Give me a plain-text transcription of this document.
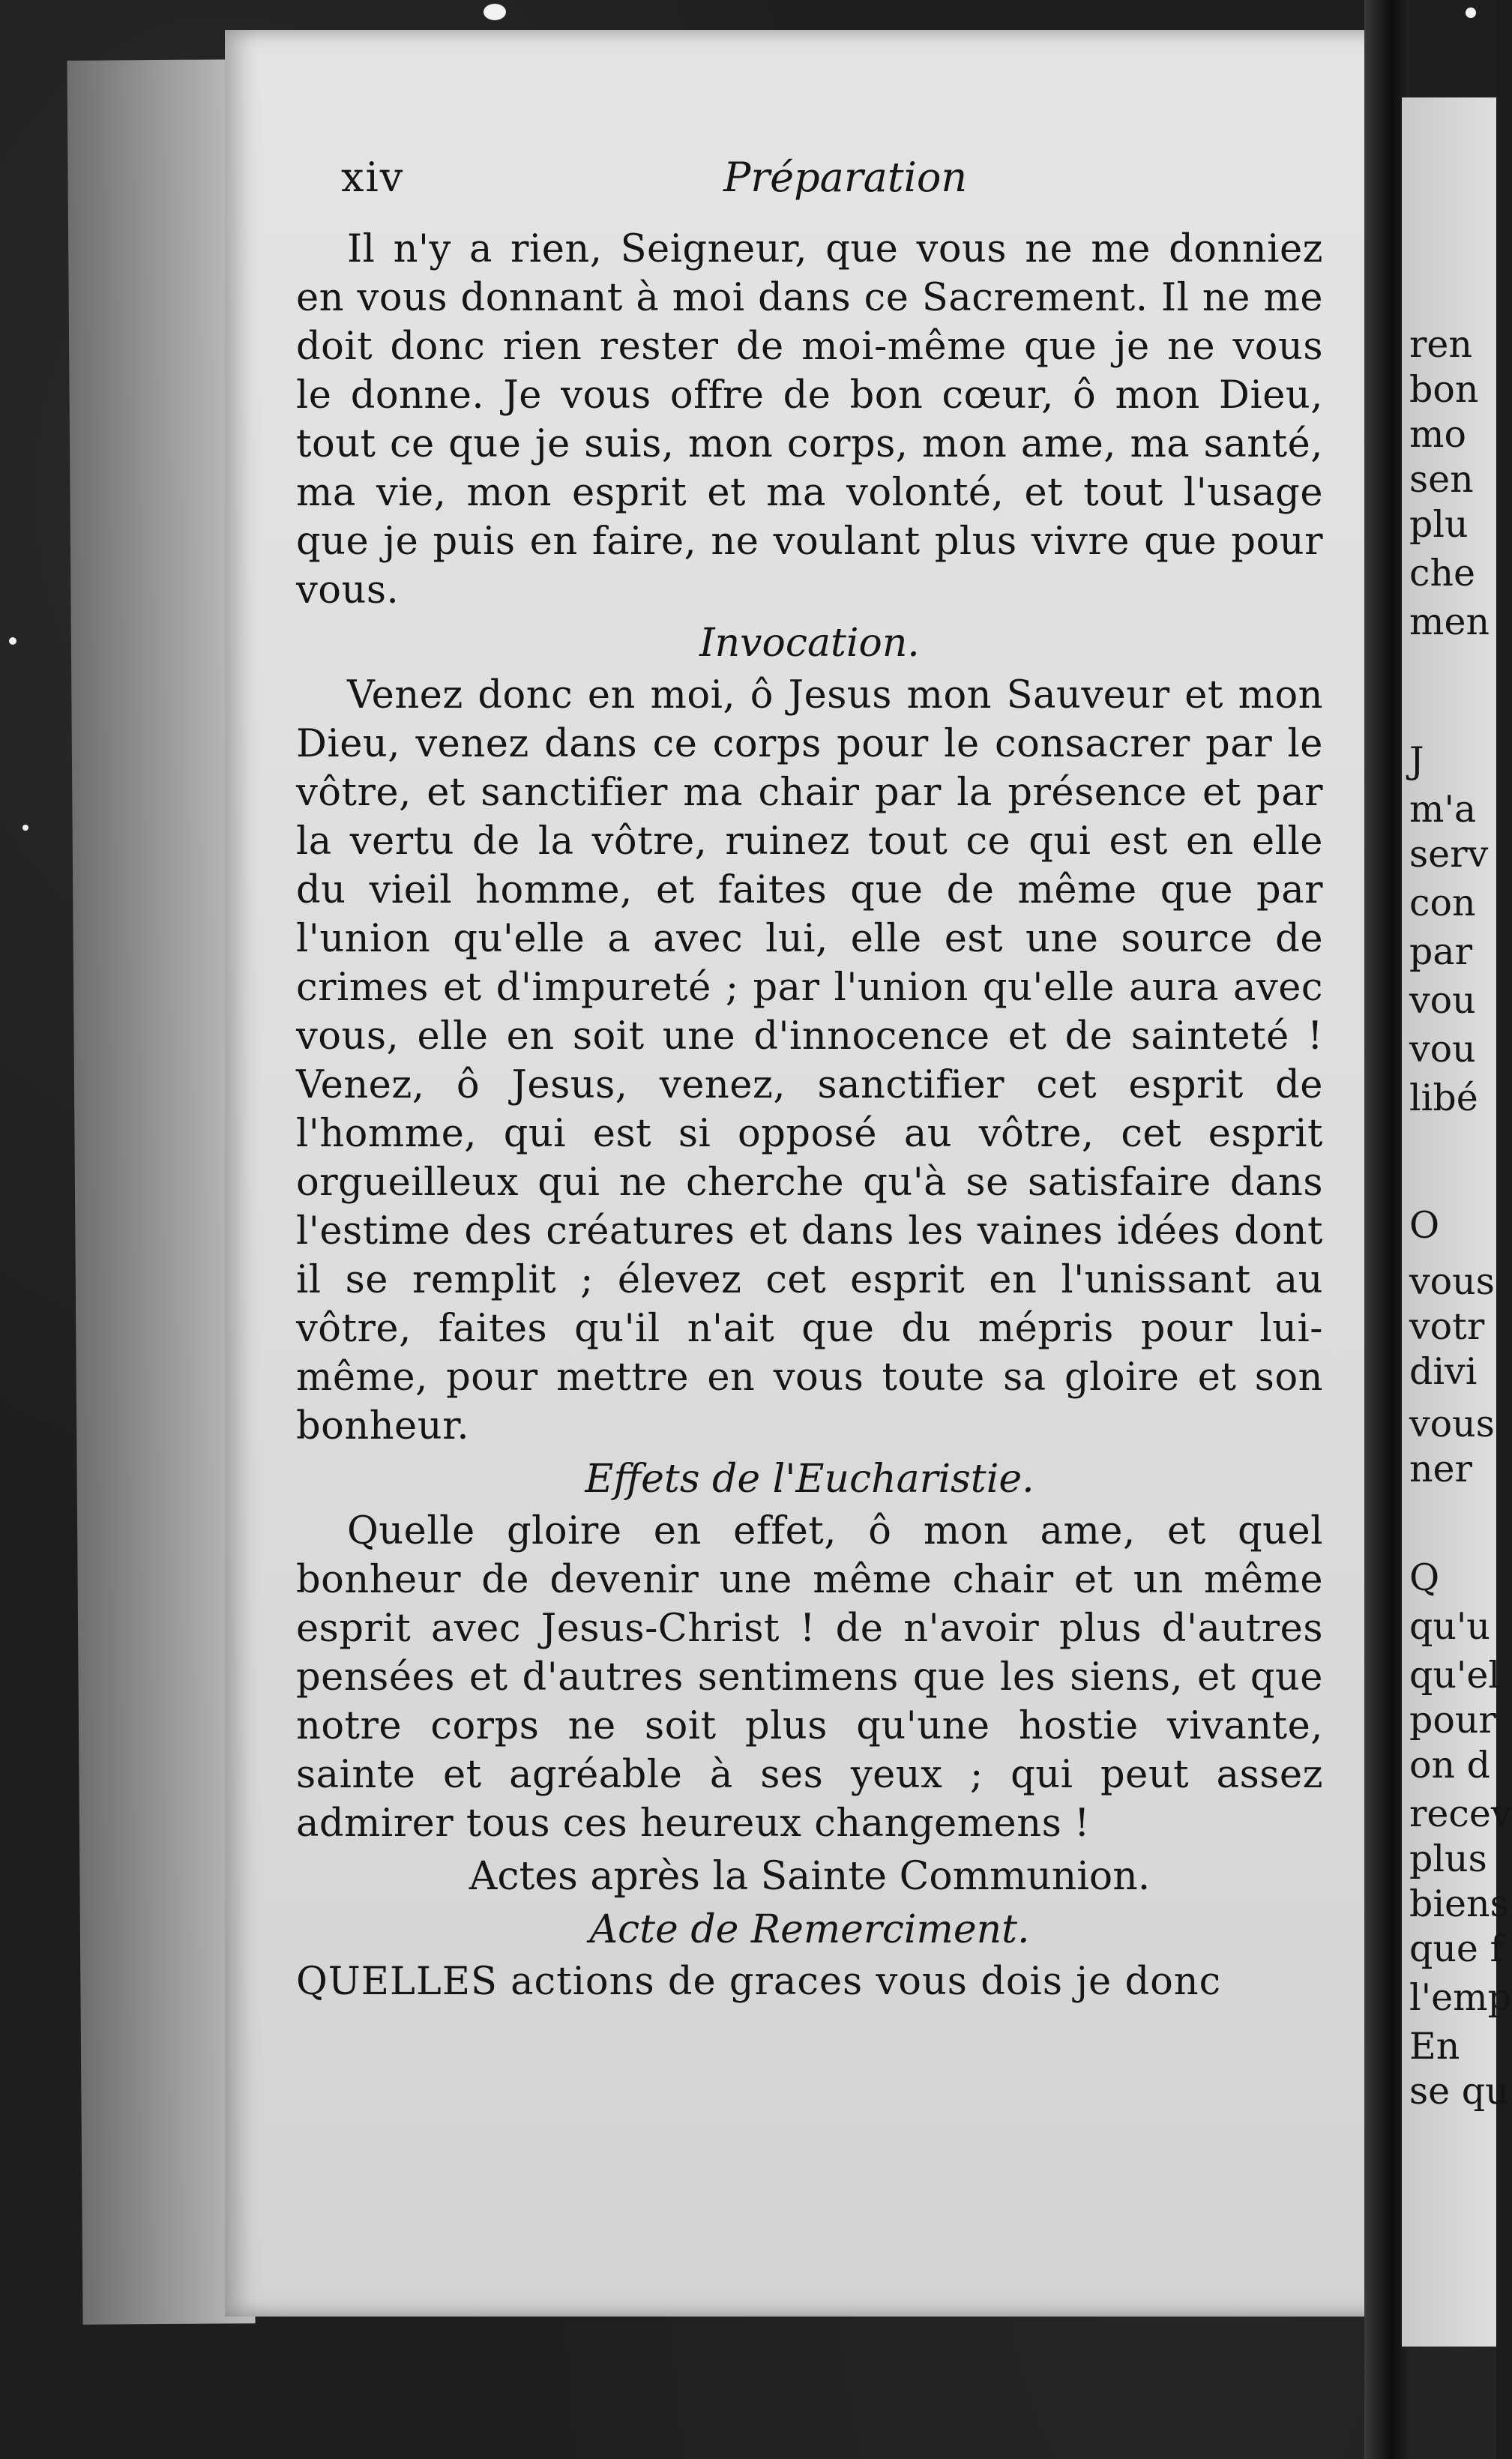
xiv	Préparation

Il n'y a rien, Seigneur, que vous ne me donniez en vous donnant à moi dans ce Sacrement. Il ne me doit donc rien rester de moi-même que je ne vous le donne. Je vous offre de bon cœur, ô mon Dieu, tout ce que je suis, mon corps, mon ame, ma santé, ma vie, mon esprit et ma volonté, et tout l'usage que je puis en faire, ne voulant plus vivre que pour vous.

Invocation.

Venez donc en moi, ô Jesus mon Sauveur et mon Dieu, venez dans ce corps pour le consacrer par le vôtre, et sanctifier ma chair par la présence et par la vertu de la vôtre, ruinez tout ce qui est en elle du vieil homme, et faites que de même que par l'union qu'elle a avec lui, elle est une source de crimes et d'impureté ; par l'union qu'elle aura avec vous, elle en soit une d'innocence et de sainteté ! Venez, ô Jesus, venez, sanctifier cet esprit de l'homme, qui est si opposé au vôtre, cet esprit orgueilleux qui ne cherche qu'à se satisfaire dans l'estime des créatures et dans les vaines idées dont il se remplit ; élevez cet esprit en l'unissant au vôtre, faites qu'il n'ait que du mépris pour lui-même, pour mettre en vous toute sa gloire et son bonheur.

Effets de l'Eucharistie.

Quelle gloire en effet, ô mon ame, et quel bonheur de devenir une même chair et un même esprit avec Jesus-Christ ! de n'avoir plus d'autres pensées et d'autres sentimens que les siens, et que notre corps ne soit plus qu'une hostie vivante, sainte et agréable à ses yeux ; qui peut assez admirer tous ces heureux changemens !

Actes après la Sainte Communion.
Acte de Remerciment.

QUELLES actions de graces vous dois je donc

ren
bon
mo
sen
plu
che
men
J
m'a
serv
con
par
vou
vou
libé
O
vous
votr
divi
vous
ner
Q
qu'u
qu'el
pour
on d
recev
plus
biens
que f
l'emp
En
se qu
